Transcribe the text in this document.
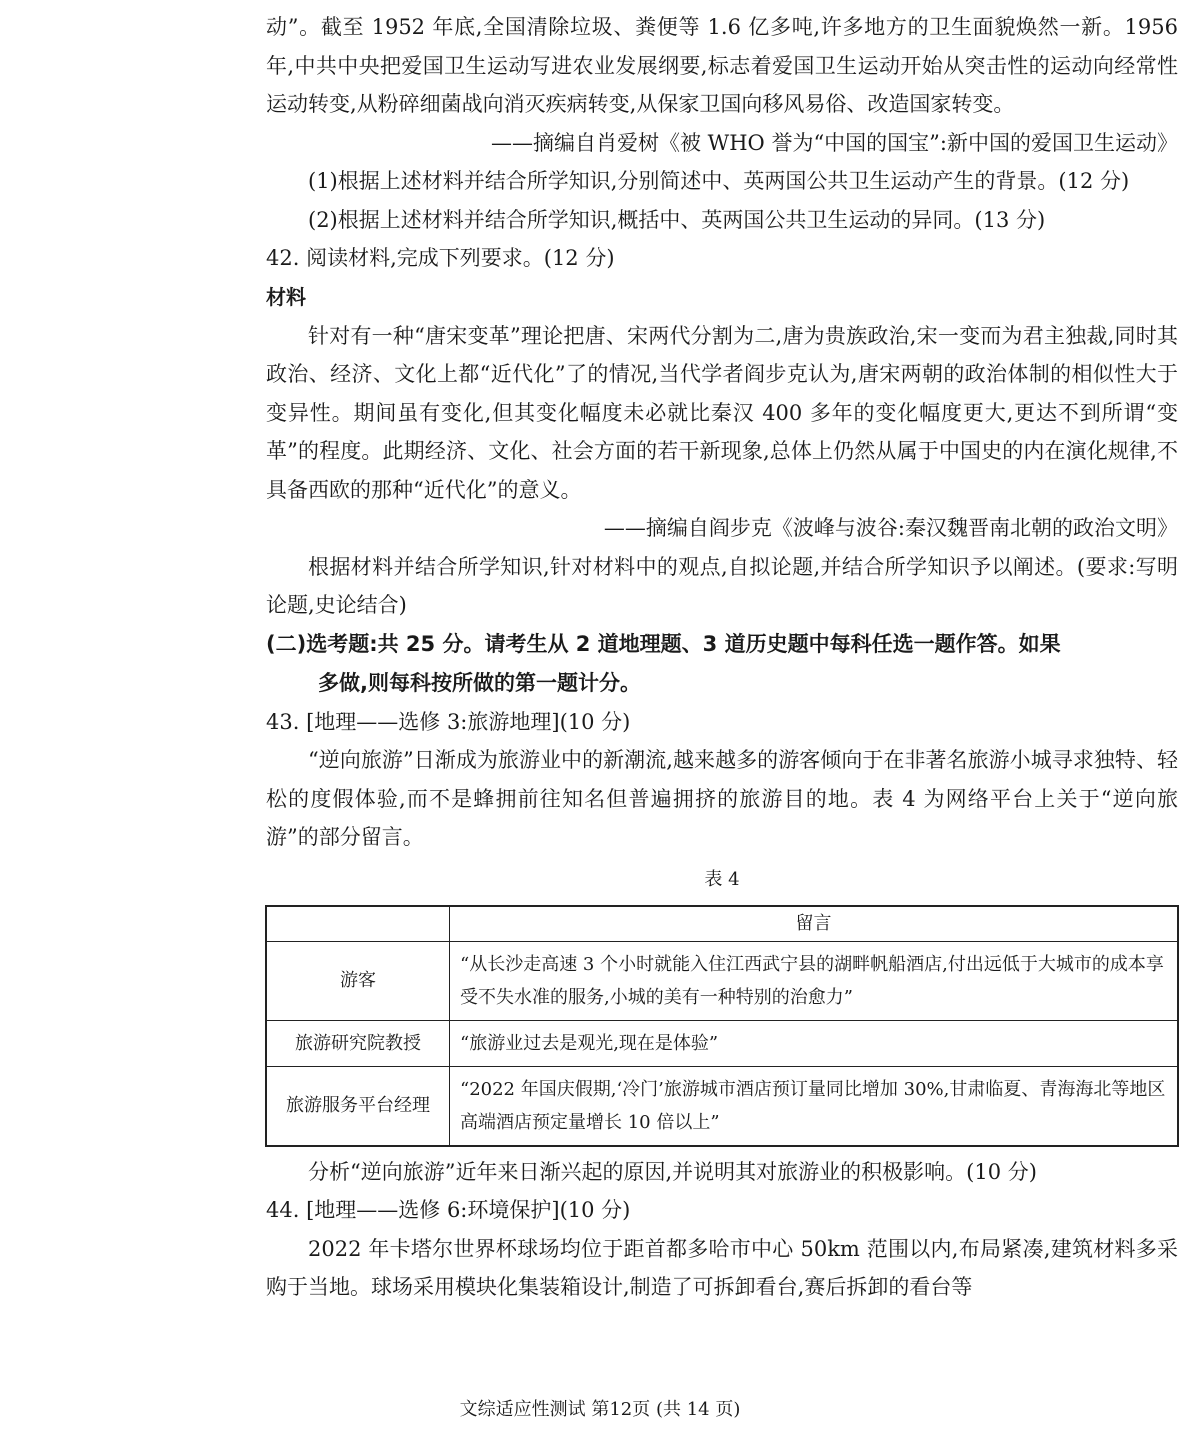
动”。截至 1952 年底,全国清除垃圾、粪便等 1.6 亿多吨,许多地方的卫生面貌焕然一新。1956 年,中共中央把爱国卫生运动写进农业发展纲要,标志着爱国卫生运动开始从突击性的运动向经常性运动转变,从粉碎细菌战向消灭疾病转变,从保家卫国向移风易俗、改造国家转变。

——摘编自肖爱树《被 WHO 誉为“中国的国宝”:新中国的爱国卫生运动》

(1)根据上述材料并结合所学知识,分别简述中、英两国公共卫生运动产生的背景。(12 分)

(2)根据上述材料并结合所学知识,概括中、英两国公共卫生运动的异同。(13 分)

42. 阅读材料,完成下列要求。(12 分)

材料

针对有一种“唐宋变革”理论把唐、宋两代分割为二,唐为贵族政治,宋一变而为君主独裁,同时其政治、经济、文化上都“近代化”了的情况,当代学者阎步克认为,唐宋两朝的政治体制的相似性大于变异性。期间虽有变化,但其变化幅度未必就比秦汉 400 多年的变化幅度更大,更达不到所谓“变革”的程度。此期经济、文化、社会方面的若干新现象,总体上仍然从属于中国史的内在演化规律,不具备西欧的那种“近代化”的意义。

——摘编自阎步克《波峰与波谷:秦汉魏晋南北朝的政治文明》

根据材料并结合所学知识,针对材料中的观点,自拟论题,并结合所学知识予以阐述。(要求:写明论题,史论结合)

(二)选考题:共 25 分。请考生从 2 道地理题、3 道历史题中每科任选一题作答。如果

多做,则每科按所做的第一题计分。

43. [地理——选修 3:旅游地理](10 分)

“逆向旅游”日渐成为旅游业中的新潮流,越来越多的游客倾向于在非著名旅游小城寻求独特、轻松的度假体验,而不是蜂拥前往知名但普遍拥挤的旅游目的地。表 4 为网络平台上关于“逆向旅游”的部分留言。

表 4
	留言
游客	“从长沙走高速 3 个小时就能入住江西武宁县的湖畔帆船酒店,付出远低于大城市的成本享受不失水准的服务,小城的美有一种特别的治愈力”
旅游研究院教授	“旅游业过去是观光,现在是体验”
旅游服务平台经理	“2022 年国庆假期,‘冷门’旅游城市酒店预订量同比增加 30%,甘肃临夏、青海海北等地区高端酒店预定量增长 10 倍以上”

分析“逆向旅游”近年来日渐兴起的原因,并说明其对旅游业的积极影响。(10 分)

44. [地理——选修 6:环境保护](10 分)

2022 年卡塔尔世界杯球场均位于距首都多哈市中心 50km 范围以内,布局紧凑,建筑材料多采购于当地。球场采用模块化集装箱设计,制造了可拆卸看台,赛后拆卸的看台等

文综适应性测试 第12页 (共 14 页)
